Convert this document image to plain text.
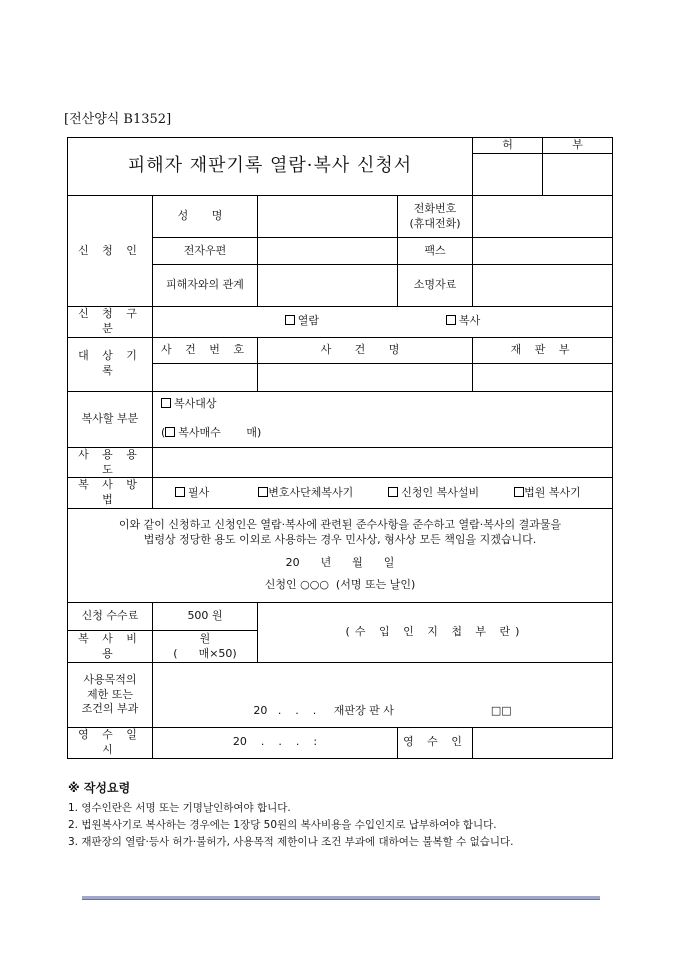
[전산양식 B1352]
피해자 재판기록 열람·복사 신청서				허	부

신 청 인	성 명		전화번호
(휴대전화)		

	전자우편		팩스		
	피해자와의 관계		소명자료		
신 청 구 분	열람 복사				
대 상 기 록	사 건 번 호	사 건 명		재 판 부	

복사할 부분	복사대상
( 복사매수 매)				

사 용 용 도					
복 사 방 법	필사 변호사단체복사기 신청인 복사설비 법원 복사기				

이와 같이 신청하고 신청인은 열람·복사에 관련된 준수사항을 준수하고 열람·복사의 결과물을
법령상 정당한 용도 이외로 사용하는 경우 민사상, 형사상 모든 책임을 지겠습니다.
20      년      월      일
신청인 ○○○  (서명 또는 날인)					

신청 수수료	500 원	(수 입 인 지 첩 부 란)			
복 사 비 용	원
(      매×50)				

사용목적의
제한 또는
조건의 부과	20   .    .    .     재판장 판 사 □□				
영 수 일 시	20    .    .    .    :		영 수 인		
※ 작성요령
1. 영수인란은 서명 또는 기명날인하여야 합니다.
2. 법원복사기로 복사하는 경우에는 1장당 50원의 복사비용을 수입인지로 납부하여야 합니다.
3. 재판장의 열람·등사 허가·불허가, 사용목적 제한이나 조건 부과에 대하여는 불복할 수 없습니다.
